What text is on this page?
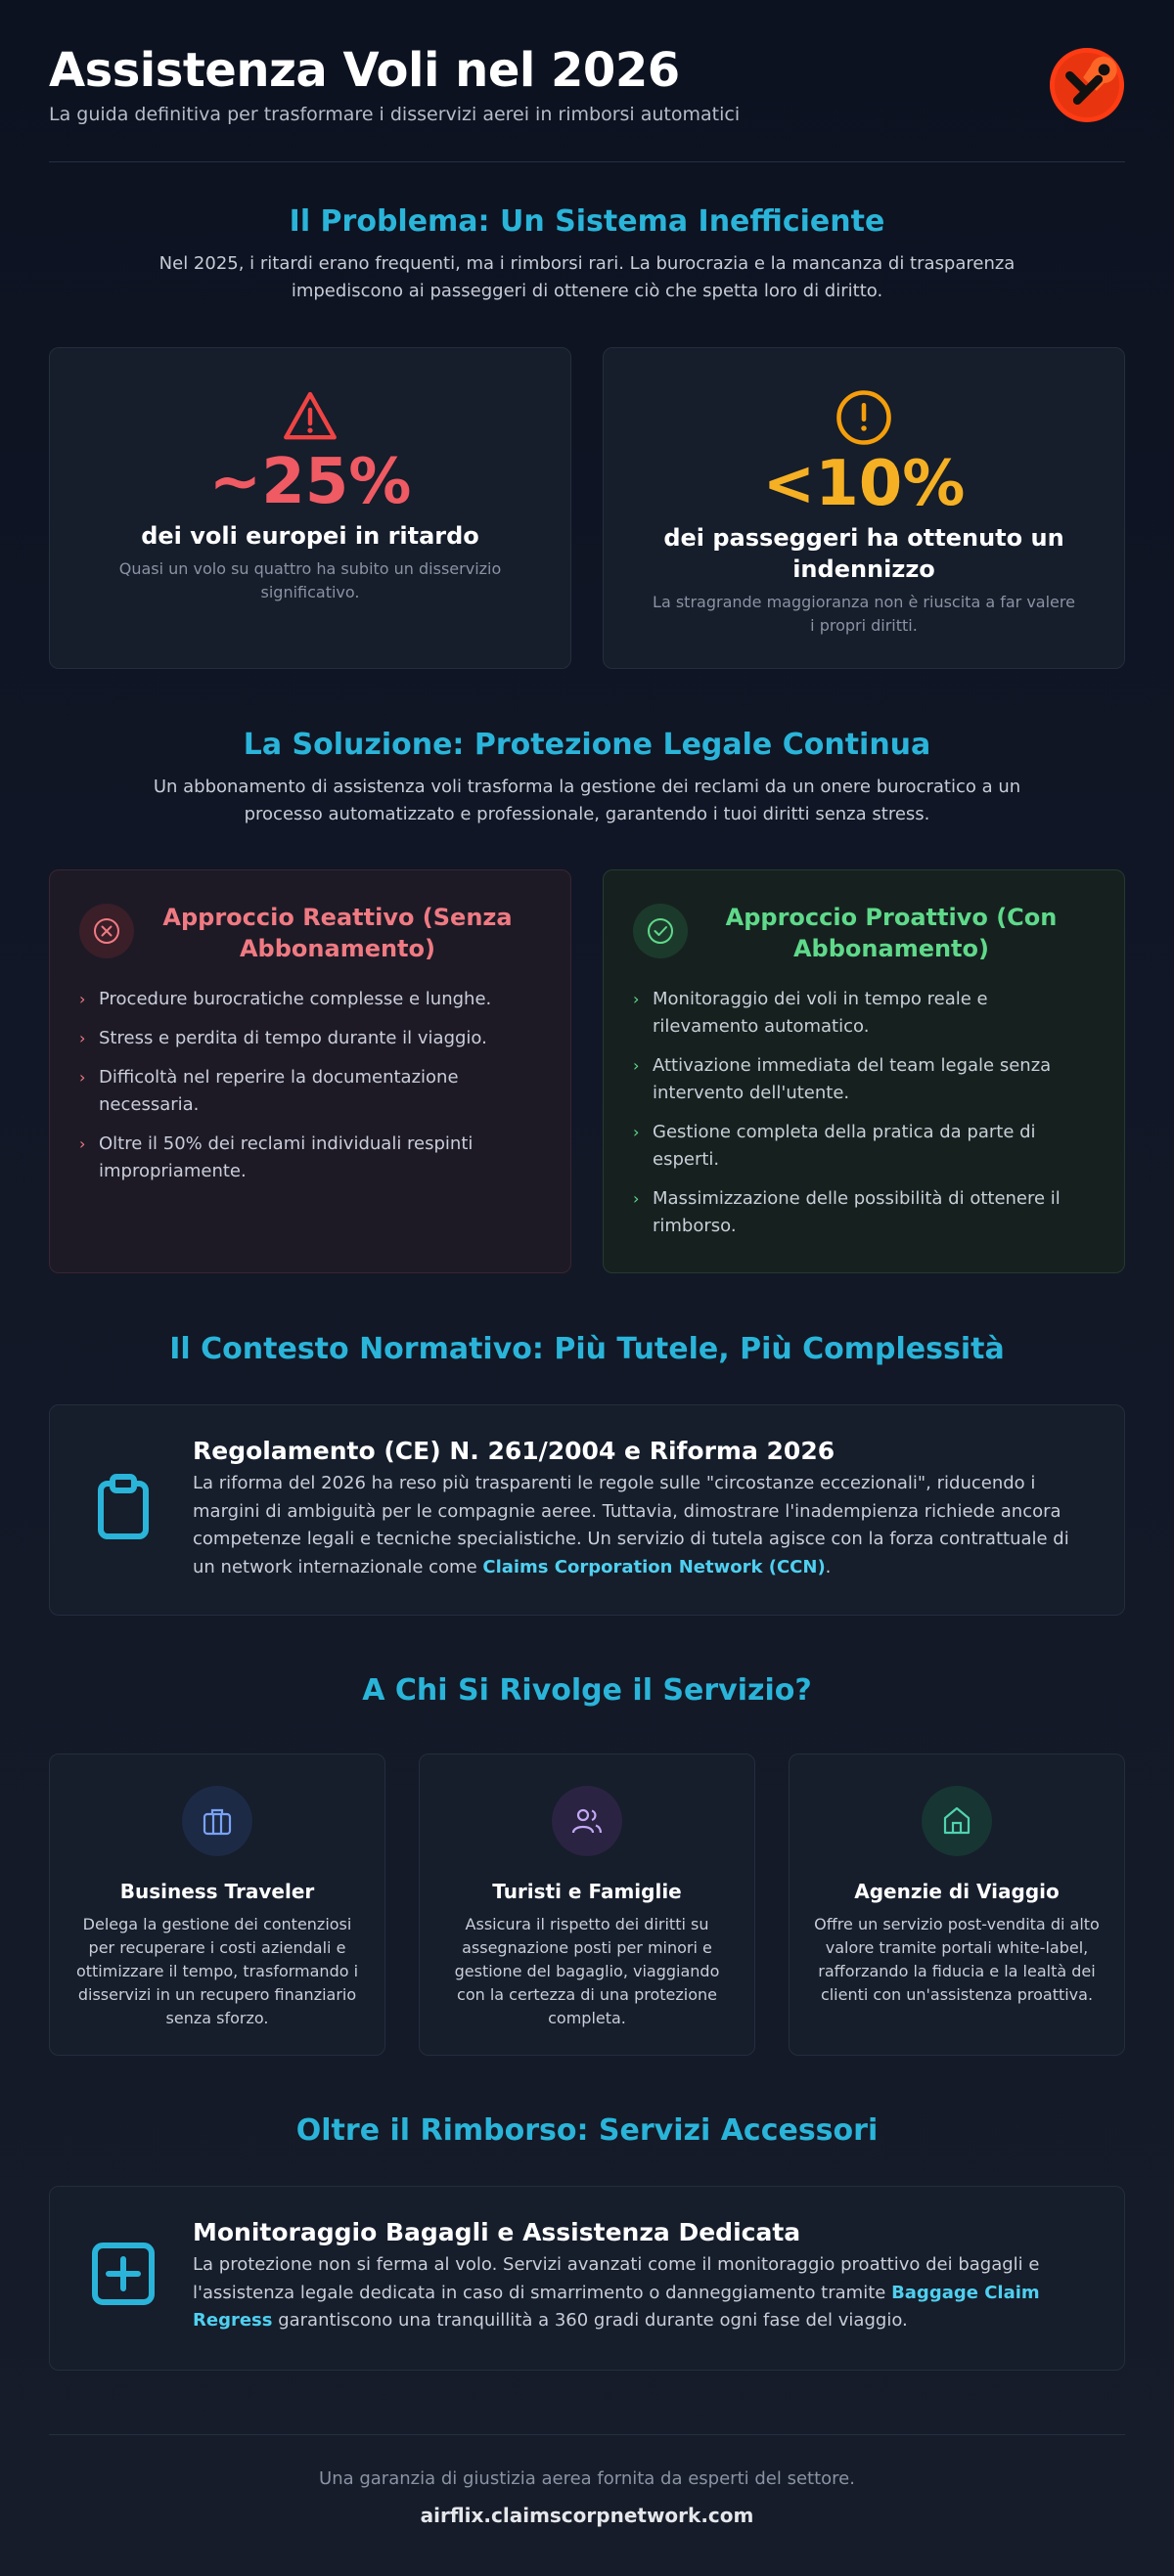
Assistenza Voli nel 2026
La guida definitiva per trasformare i disservizi aerei in rimborsi automatici
Il Problema: Un Sistema Inefficiente
Nel 2025, i ritardi erano frequenti, ma i rimborsi rari. La burocrazia e la mancanza di trasparenza impediscono ai passeggeri di ottenere ciò che spetta loro di diritto.
~25%
dei voli europei in ritardo
Quasi un volo su quattro ha subito un disservizio significativo.
<10%
dei passeggeri ha ottenuto un indennizzo
La stragrande maggioranza non è riuscita a far valere i propri diritti.
La Soluzione: Protezione Legale Continua
Un abbonamento di assistenza voli trasforma la gestione dei reclami da un onere burocratico a un processo automatizzato e professionale, garantendo i tuoi diritti senza stress.
Approccio Reattivo (Senza Abbonamento)
› Procedure burocratiche complesse e lunghe.
› Stress e perdita di tempo durante il viaggio.
› Difficoltà nel reperire la documentazione necessaria.
› Oltre il 50% dei reclami individuali respinti impropriamente.
Approccio Proattivo (Con Abbonamento)
› Monitoraggio dei voli in tempo reale e rilevamento automatico.
› Attivazione immediata del team legale senza intervento dell'utente.
› Gestione completa della pratica da parte di esperti.
› Massimizzazione delle possibilità di ottenere il rimborso.
Il Contesto Normativo: Più Tutele, Più Complessità
Regolamento (CE) N. 261/2004 e Riforma 2026
La riforma del 2026 ha reso più trasparenti le regole sulle "circostanze eccezionali", riducendo i margini di ambiguità per le compagnie aeree. Tuttavia, dimostrare l'inadempienza richiede ancora competenze legali e tecniche specialistiche. Un servizio di tutela agisce con la forza contrattuale di un network internazionale come Claims Corporation Network (CCN).
A Chi Si Rivolge il Servizio?
Business Traveler
Delega la gestione dei contenziosi per recuperare i costi aziendali e ottimizzare il tempo, trasformando i disservizi in un recupero finanziario senza sforzo.
Turisti e Famiglie
Assicura il rispetto dei diritti su assegnazione posti per minori e gestione del bagaglio, viaggiando con la certezza di una protezione completa.
Agenzie di Viaggio
Offre un servizio post-vendita di alto valore tramite portali white-label, rafforzando la fiducia e la lealtà dei clienti con un'assistenza proattiva.
Oltre il Rimborso: Servizi Accessori
Monitoraggio Bagagli e Assistenza Dedicata
La protezione non si ferma al volo. Servizi avanzati come il monitoraggio proattivo dei bagagli e l'assistenza legale dedicata in caso di smarrimento o danneggiamento tramite Baggage Claim Regress garantiscono una tranquillità a 360 gradi durante ogni fase del viaggio.
Una garanzia di giustizia aerea fornita da esperti del settore.
airflix.claimscorpnetwork.com
